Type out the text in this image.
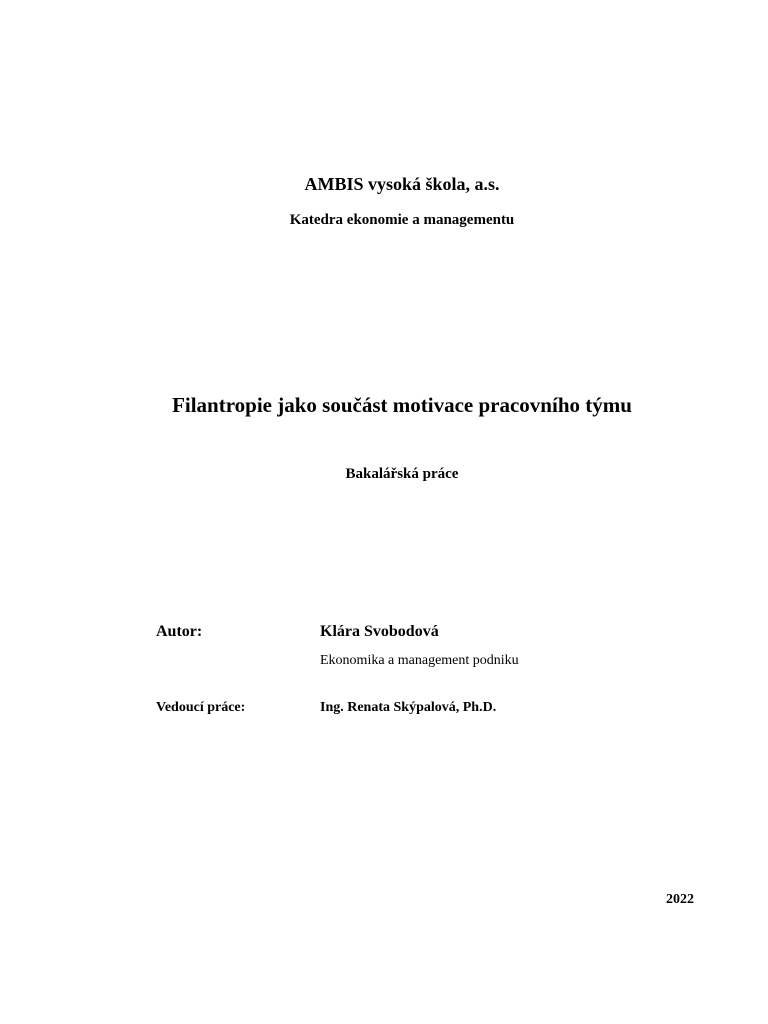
AMBIS vysoká škola, a.s.
Katedra ekonomie a managementu
Filantropie jako součást motivace pracovního týmu
Bakalářská práce
Autor:	Klára Svobodová
Ekonomika a management podniku
Vedoucí práce:	Ing. Renata Skýpalová, Ph.D.
2022
